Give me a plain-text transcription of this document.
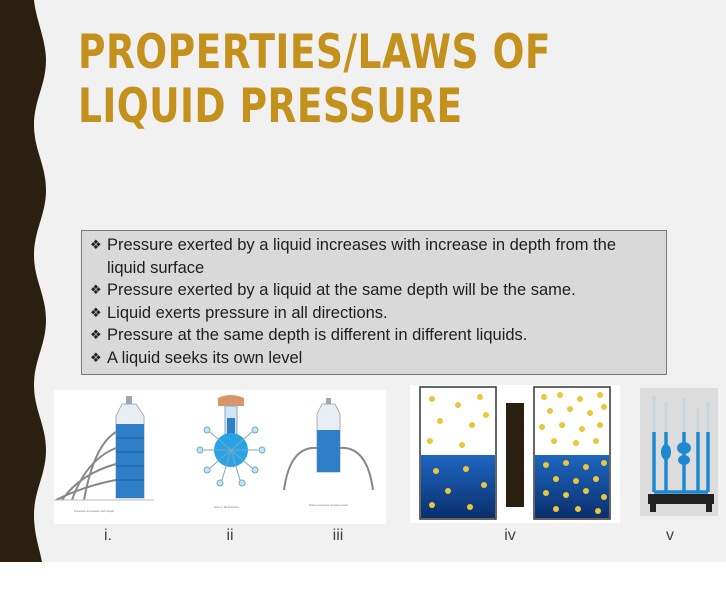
PROPERTIES/LAWS OF LIQUID PRESSURE
❖ Pressure exerted by a liquid increases with increase in depth from the liquid surface
❖ Pressure exerted by a liquid at the same depth will be the same.
❖ Liquid exerts pressure in all directions.
❖ Pressure at the same depth is different in different liquids.
❖ A liquid seeks its own level
Pressure increases with depth
Acts in all direction	Same pressure at same level
i.	ii	iii	iv	v
